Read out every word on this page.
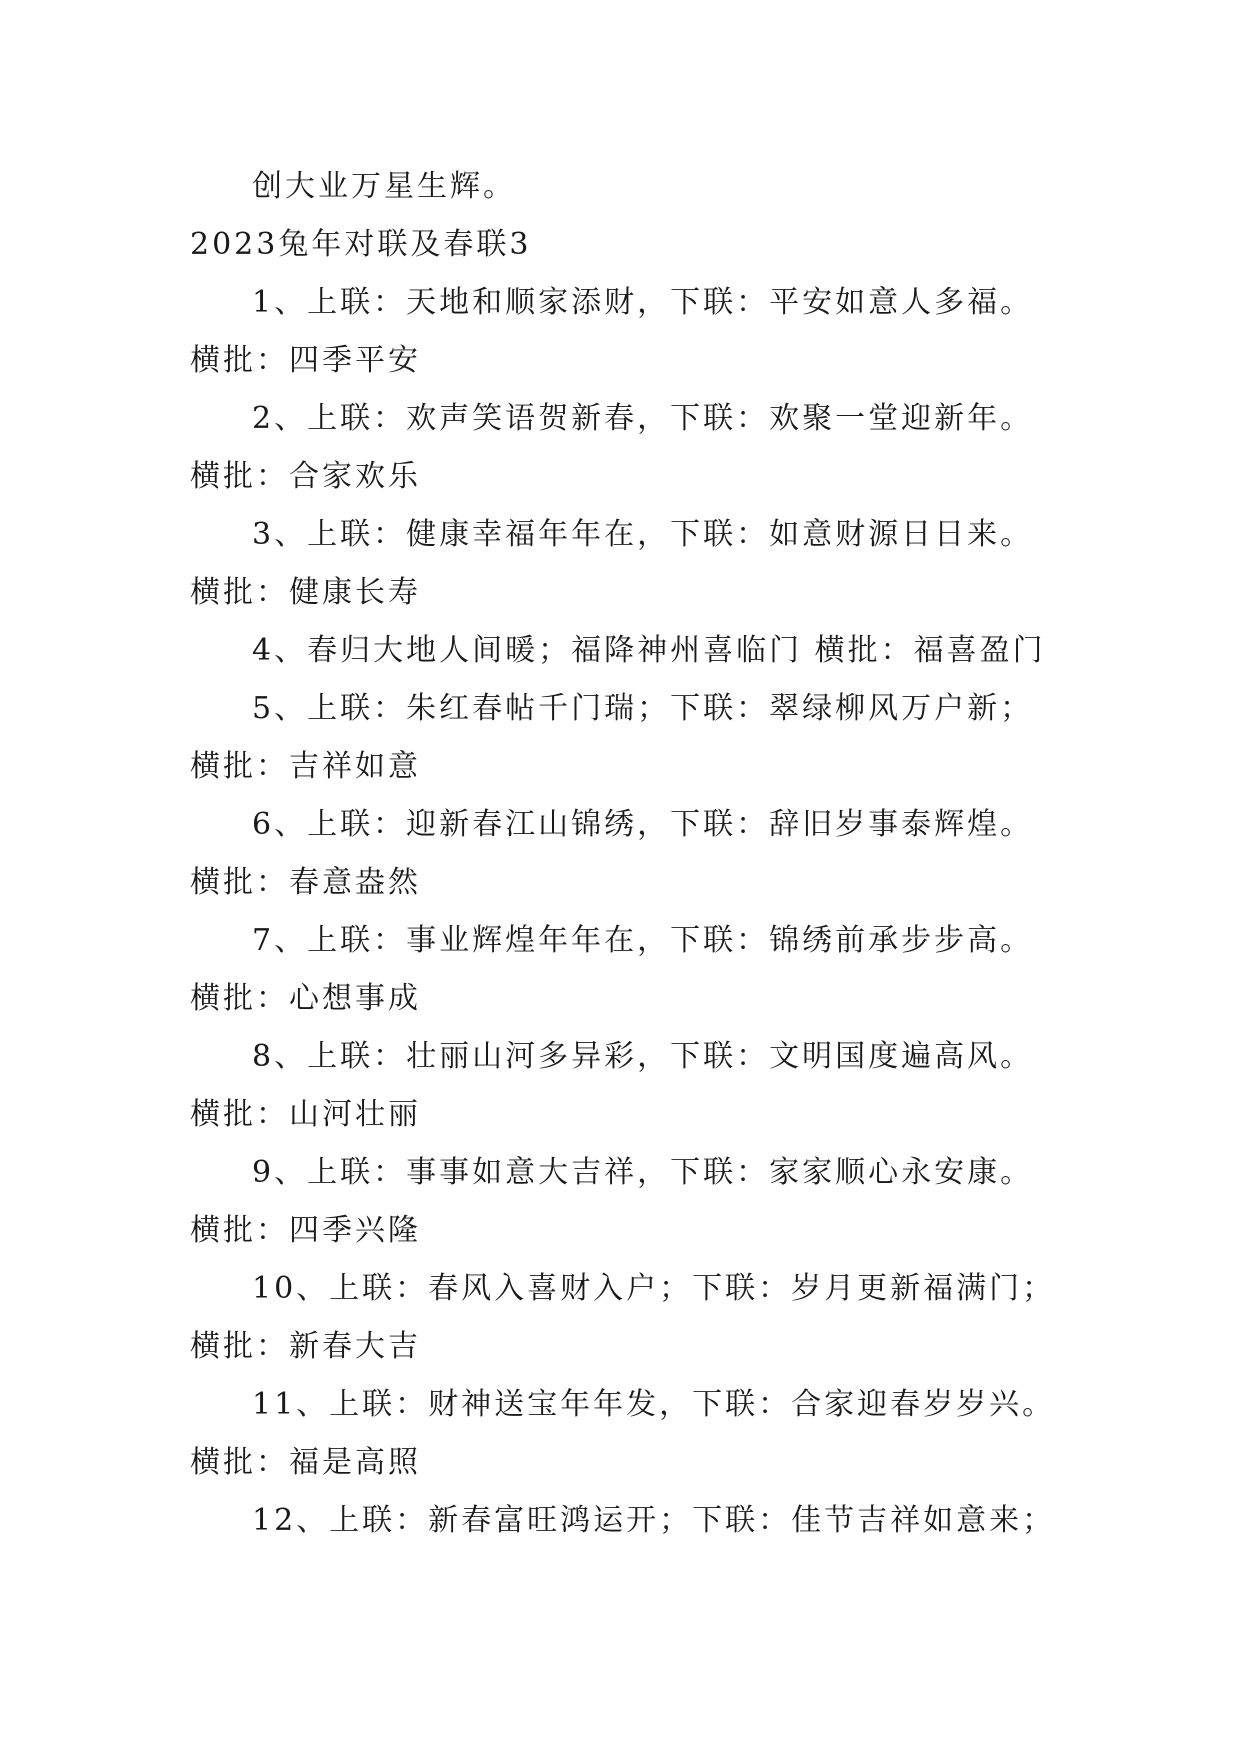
创大业万星生辉。
2023兔年对联及春联3
1、上联：天地和顺家添财，下联：平安如意人多福。
横批：四季平安
2、上联：欢声笑语贺新春，下联：欢聚一堂迎新年。
横批：合家欢乐
3、上联：健康幸福年年在，下联：如意财源日日来。
横批：健康长寿
4、春归大地人间暖；福降神州喜临门 横批：福喜盈门
5、上联：朱红春帖千门瑞；下联：翠绿柳风万户新；
横批：吉祥如意
6、上联：迎新春江山锦绣，下联：辞旧岁事泰辉煌。
横批：春意盎然
7、上联：事业辉煌年年在，下联：锦绣前承步步高。
横批：心想事成
8、上联：壮丽山河多异彩，下联：文明国度遍高风。
横批：山河壮丽
9、上联：事事如意大吉祥，下联：家家顺心永安康。
横批：四季兴隆
10、上联：春风入喜财入户；下联：岁月更新福满门；
横批：新春大吉
11、上联：财神送宝年年发，下联：合家迎春岁岁兴。
横批：福是高照
12、上联：新春富旺鸿运开；下联：佳节吉祥如意来；
